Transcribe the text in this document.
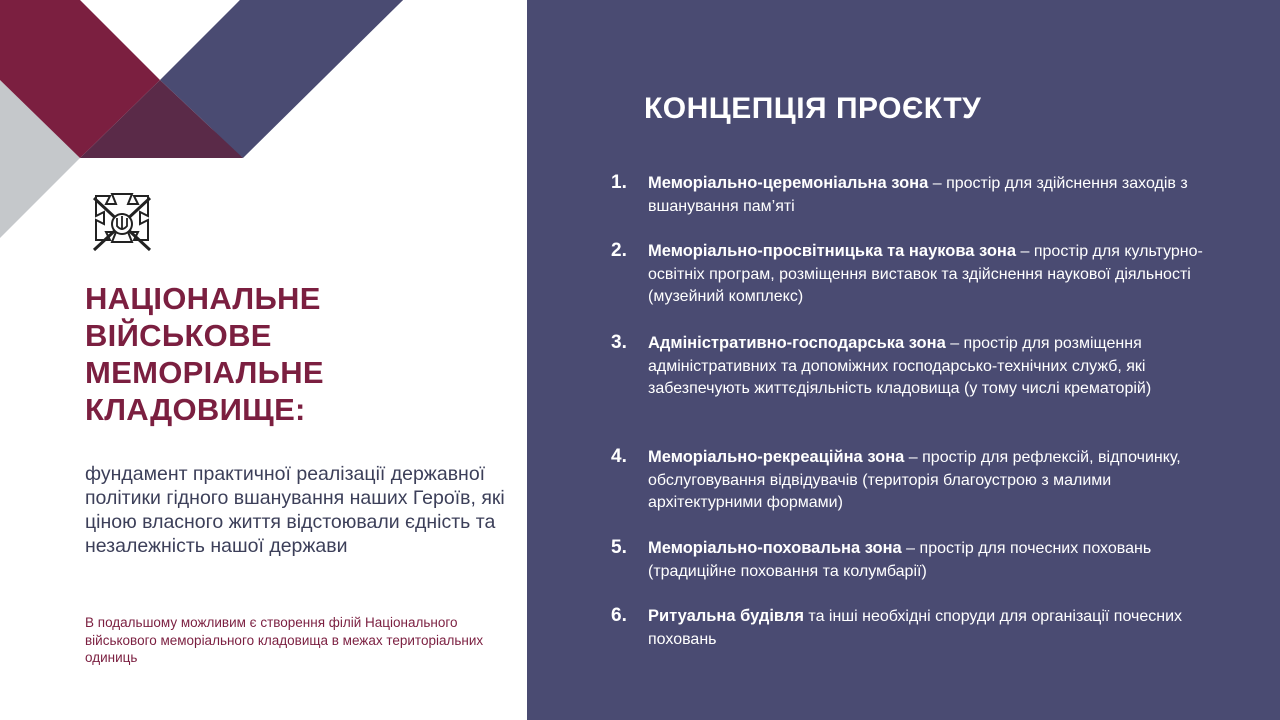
НАЦІОНАЛЬНЕ
ВІЙСЬКОВЕ
МЕМОРІАЛЬНЕ
КЛАДОВИЩЕ:

фундамент практичної реалізації державної політики гідного вшанування наших Героїв, які ціною власного життя відстоювали єдність та незалежність нашої держави

В подальшому можливим є створення філій Національного військового меморіального кладовища в межах територіальних одиниць

КОНЦЕПЦІЯ ПРОЄКТУ
1.	Меморіально-церемоніальна зона – простір для здійснення заходів з вшанування пам’яті
2.	Меморіально-просвітницька та наукова зона – простір для культурно-освітніх програм, розміщення виставок та здійснення наукової діяльності (музейний комплекс)
3.	Адміністративно-господарська зона – простір для розміщення адміністративних та допоміжних господарсько-технічних служб, які забезпечують життєдіяльність кладовища (у тому числі крематорій)
4.	Меморіально-рекреаційна зона – простір для рефлексій, відпочинку, обслуговування відвідувачів (територія благоустрою з малими архітектурними формами)
5.	Меморіально-поховальна зона – простір для почесних поховань (традиційне поховання та колумбарії)
6.	Ритуальна будівля та інші необхідні споруди для організації почесних поховань
